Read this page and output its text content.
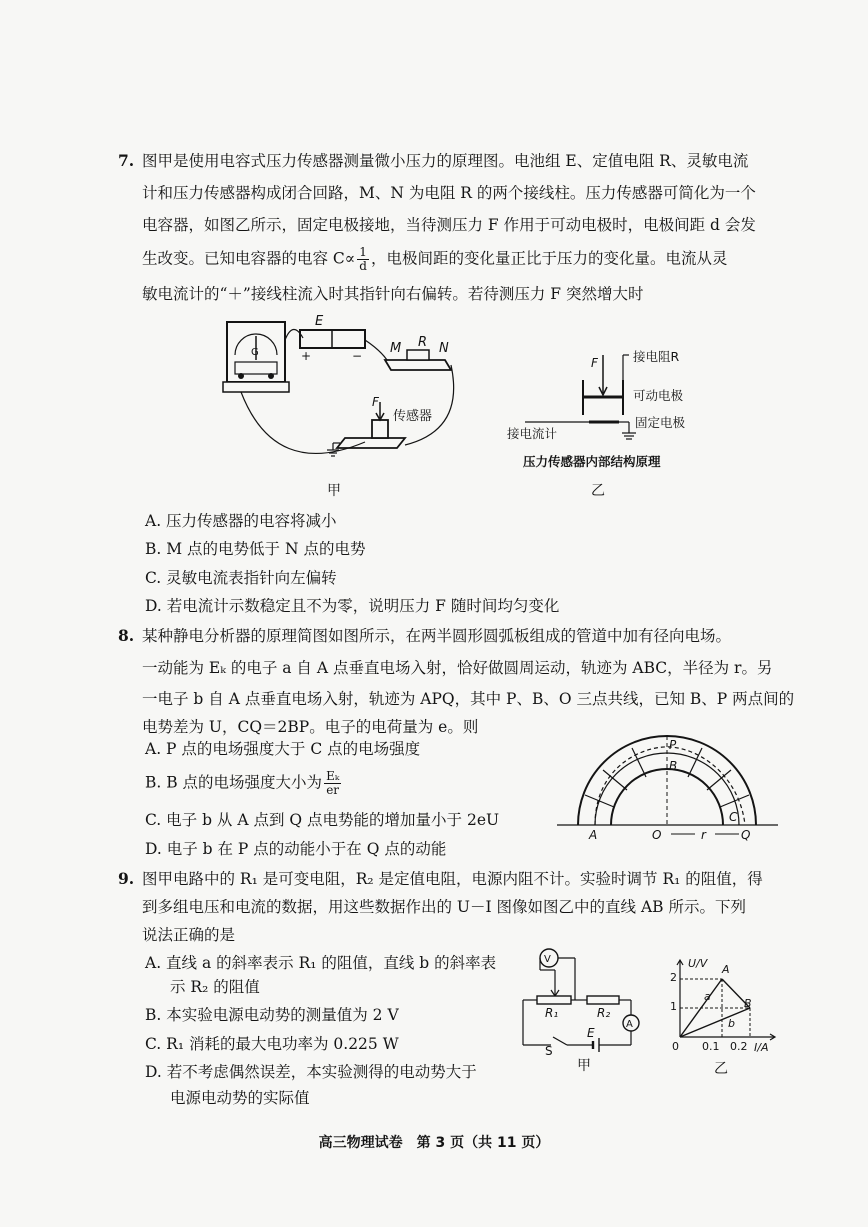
7. 图甲是使用电容式压力传感器测量微小压力的原理图。电池组 E、定值电阻 R、灵敏电流
计和压力传感器构成闭合回路，M、N 为电阻 R 的两个接线柱。压力传感器可简化为一个
电容器，如图乙所示，固定电极接地，当待测压力 F 作用于可动电极时，电极间距 d 会发
生改变。已知电容器的电容 $C\propto \frac{1}{d}$ ，电极间距的变化量正比于压力的变化量。电流从灵
敏电流计的“＋”接线柱流入时其指针向右偏转。若待测压力 F 突然增大时
G
E
+	− M R N
F
传感器
甲
F	接电阻R
可动电极
固定电极
接电流计
压力传感器内部结构原理
乙
A. 压力传感器的电容将减小
B. M 点的电势低于 N 点的电势
C. 灵敏电流表指针向左偏转
D. 若电流计示数稳定且不为零，说明压力 F 随时间均匀变化
8. 某种静电分析器的原理简图如图所示，在两半圆形圆弧板组成的管道中加有径向电场。
一动能为 Eₖ 的电子 a 自 A 点垂直电场入射，恰好做圆周运动，轨迹为 ABC，半径为 r。另
一电子 b 自 A 点垂直电场入射，轨迹为 APQ，其中 P、B、O 三点共线，已知 B、P 两点间的
电势差为 U，CQ＝2BP。电子的电荷量为 e。则
A. P 点的电场强度大于 C 点的电场强度
B. B 点的电场强度大小为 $\frac{\text{Eₖ}}{er}$
C. 电子 b 从 A 点到 Q 点电势能的增加量小于 2eU
D. 电子 b 在 P 点的动能小于在 Q 点的动能
P
B
C
A	O	r	Q
9. 图甲电路中的 R₁ 是可变电阻，R₂ 是定值电阻，电源内阻不计。实验时调节 R₁ 的阻值，得
到多组电压和电流的数据，用这些数据作出的 U－I 图像如图乙中的直线 AB 所示。下列
说法正确的是
A. 直线 a 的斜率表示 R₁ 的阻值，直线 b 的斜率表
示 R₂ 的阻值
B. 本实验电源电动势的测量值为 2 V
C. R₁ 消耗的最大电功率为 0.225 W
D. 若不考虑偶然误差，本实验测得的电动势大于
电源电动势的实际值
V
A
R₁	R₂
S
E
甲
U/V
I/A
2
1
0 0.1 0.2
A
B
a
b
乙
高三物理试卷　第 3 页（共 11 页）
